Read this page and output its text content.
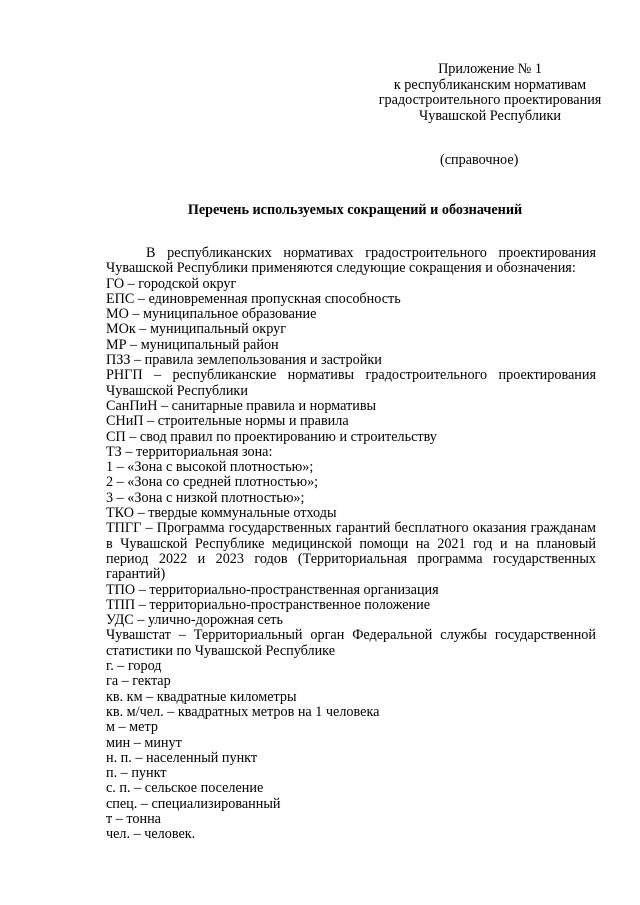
Приложение № 1
к республиканским нормативам
градостроительного проектирования
Чувашской Республики
(справочное)
Перечень используемых сокращений и обозначений

В республиканских нормативах градостроительного проектирования Чувашской Республики применяются следующие сокращения и обозначения:

ГО – городской округ
ЕПС – единовременная пропускная способность
МО – муниципальное образование
МОк – муниципальный округ
МР – муниципальный район
ПЗЗ – правила землепользования и застройки
РНГП – республиканские нормативы градостроительного проектирования Чувашской Республики
СанПиН – санитарные правила и нормативы
СНиП – строительные нормы и правила
СП – свод правил по проектированию и строительству
ТЗ – территориальная зона:
1 – «Зона с высокой плотностью»;
2 – «Зона со средней плотностью»;
3 – «Зона с низкой плотностью»;
ТКО – твердые коммунальные отходы
ТПГГ – Программа государственных гарантий бесплатного оказания гражданам в Чувашской Республике медицинской помощи на 2021 год и на плановый период 2022 и 2023 годов (Территориальная программа государственных гарантий)
ТПО – территориально-пространственная организация
ТПП – территориально-пространственное положение
УДС – улично-дорожная сеть
Чувашстат – Территориальный орган Федеральной службы государственной статистики по Чувашской Республике
г. – город
га – гектар
кв. км – квадратные километры
кв. м/чел. – квадратных метров на 1 человека
м – метр
мин – минут
н. п. – населенный пункт
п. – пункт
с. п. – сельское поселение
спец. – специализированный
т – тонна
чел. – человек.
